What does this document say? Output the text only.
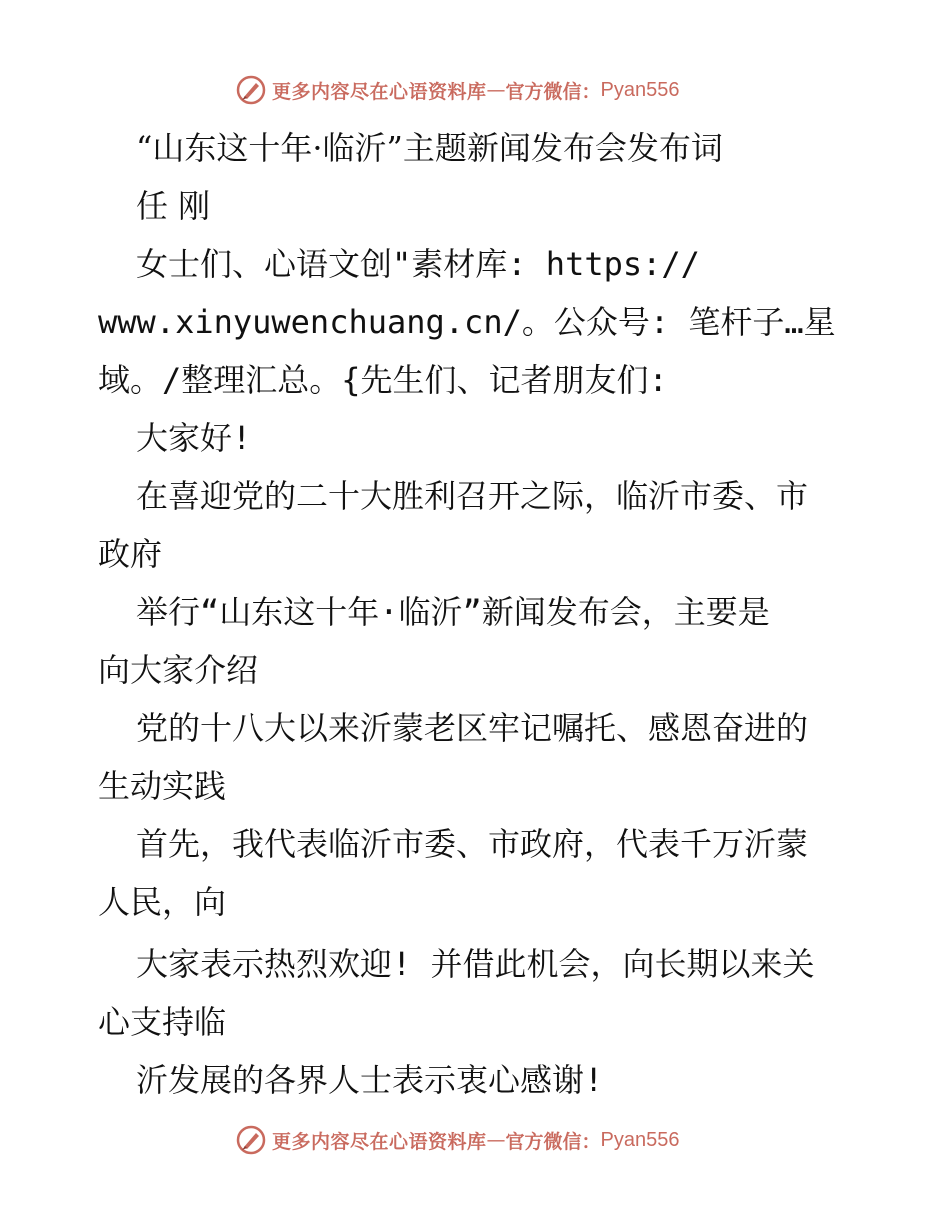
更多内容尽在心语资料库 — 官方微信： Pyan556
“山东这十年·临沂”主题新闻发布会发布词
任 刚
女士们、心语文创"素材库: https://
www.xinyuwenchuang.cn/。公众号: 笔杆子…星
域。/整理汇总。{先生们、记者朋友们:
大家好!
在喜迎党的二十大胜利召开之际，临沂市委、市
政府
举行“山东这十年·临沂”新闻发布会，主要是
向大家介绍
党的十八大以来沂蒙老区牢记嘱托、感恩奋进的
生动实践
首先，我代表临沂市委、市政府，代表千万沂蒙
人民，向
大家表示热烈欢迎! 并借此机会，向长期以来关
心支持临
沂发展的各界人士表示衷心感谢!
更多内容尽在心语资料库 — 官方微信： Pyan556
